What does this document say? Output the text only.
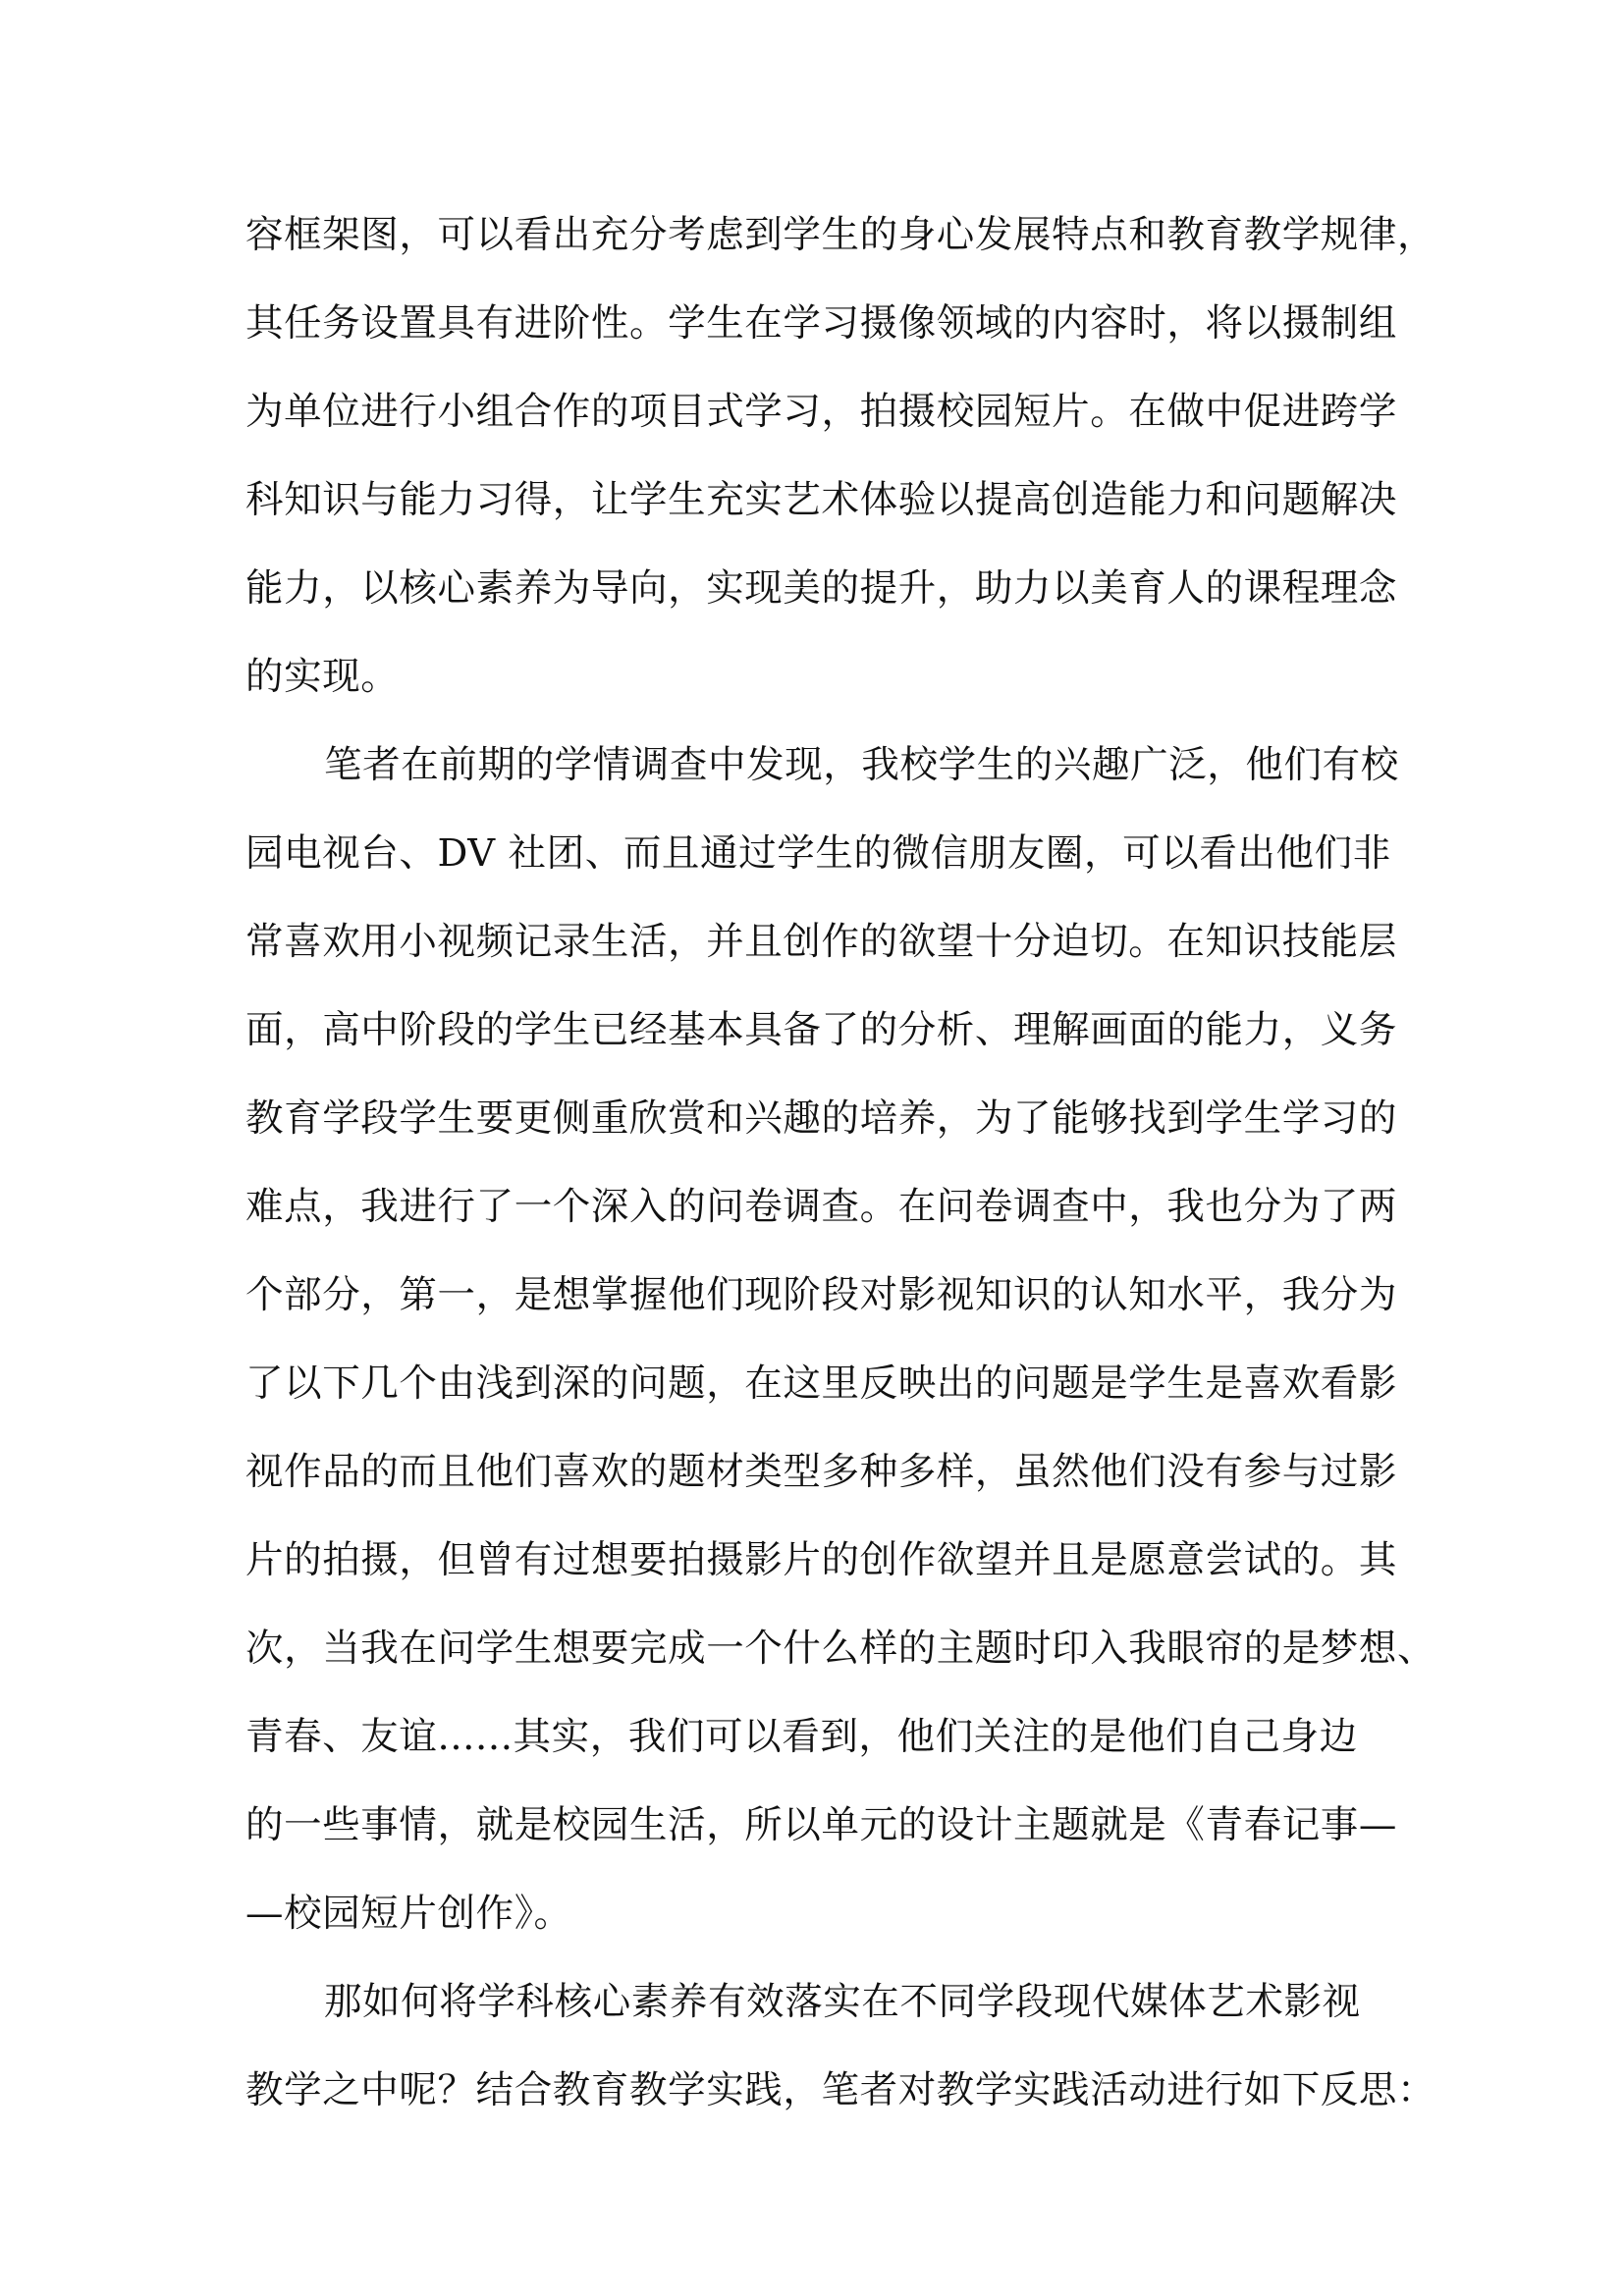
容框架图，可以看出充分考虑到学生的身心发展特点和教育教学规律，
其任务设置具有进阶性。学生在学习摄像领域的内容时，将以摄制组
为单位进行小组合作的项目式学习，拍摄校园短片。在做中促进跨学
科知识与能力习得，让学生充实艺术体验以提高创造能力和问题解决
能力，以核心素养为导向，实现美的提升，助力以美育人的课程理念
的实现。
笔者在前期的学情调查中发现，我校学生的兴趣广泛，他们有校
园电视台、DV 社团、而且通过学生的微信朋友圈，可以看出他们非
常喜欢用小视频记录生活，并且创作的欲望十分迫切。在知识技能层
面，高中阶段的学生已经基本具备了的分析、理解画面的能力，义务
教育学段学生要更侧重欣赏和兴趣的培养，为了能够找到学生学习的
难点，我进行了一个深入的问卷调查。在问卷调查中，我也分为了两
个部分，第一，是想掌握他们现阶段对影视知识的认知水平，我分为
了以下几个由浅到深的问题，在这里反映出的问题是学生是喜欢看影
视作品的而且他们喜欢的题材类型多种多样，虽然他们没有参与过影
片的拍摄，但曾有过想要拍摄影片的创作欲望并且是愿意尝试的。其
次，当我在问学生想要完成一个什么样的主题时印入我眼帘的是梦想、
青春、友谊......其实，我们可以看到，他们关注的是他们自己身边
的一些事情，就是校园生活，所以单元的设计主题就是《青春记事—
—校园短片创作》。
那如何将学科核心素养有效落实在不同学段现代媒体艺术影视
教学之中呢？结合教育教学实践，笔者对教学实践活动进行如下反思：
